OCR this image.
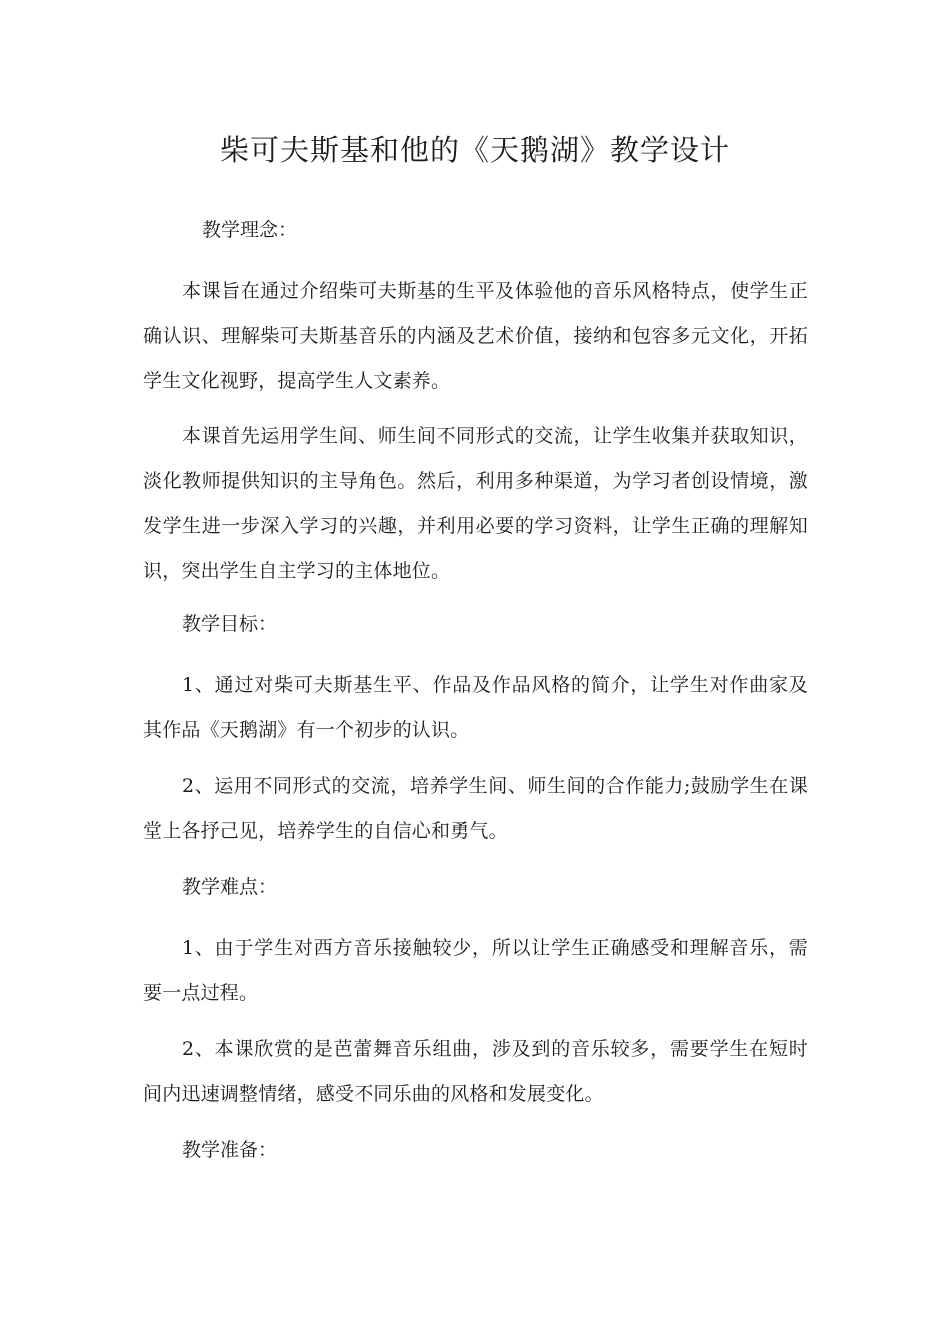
柴可夫斯基和他的《天鹅湖》教学设计

教学理念：

本课旨在通过介绍柴可夫斯基的生平及体验他的音乐风格特点，使学生正确认识、理解柴可夫斯基音乐的内涵及艺术价值，接纳和包容多元文化，开拓学生文化视野，提高学生人文素养。

本课首先运用学生间、师生间不同形式的交流，让学生收集并获取知识，淡化教师提供知识的主导角色。然后，利用多种渠道，为学习者创设情境，激发学生进一步深入学习的兴趣，并利用必要的学习资料，让学生正确的理解知识，突出学生自主学习的主体地位。

教学目标：

1、通过对柴可夫斯基生平、作品及作品风格的简介，让学生对作曲家及其作品《天鹅湖》有一个初步的认识。

2、运用不同形式的交流，培养学生间、师生间的合作能力;鼓励学生在课堂上各抒己见，培养学生的自信心和勇气。

教学难点：

1、由于学生对西方音乐接触较少，所以让学生正确感受和理解音乐，需要一点过程。

2、本课欣赏的是芭蕾舞音乐组曲，涉及到的音乐较多，需要学生在短时间内迅速调整情绪，感受不同乐曲的风格和发展变化。

教学准备：
